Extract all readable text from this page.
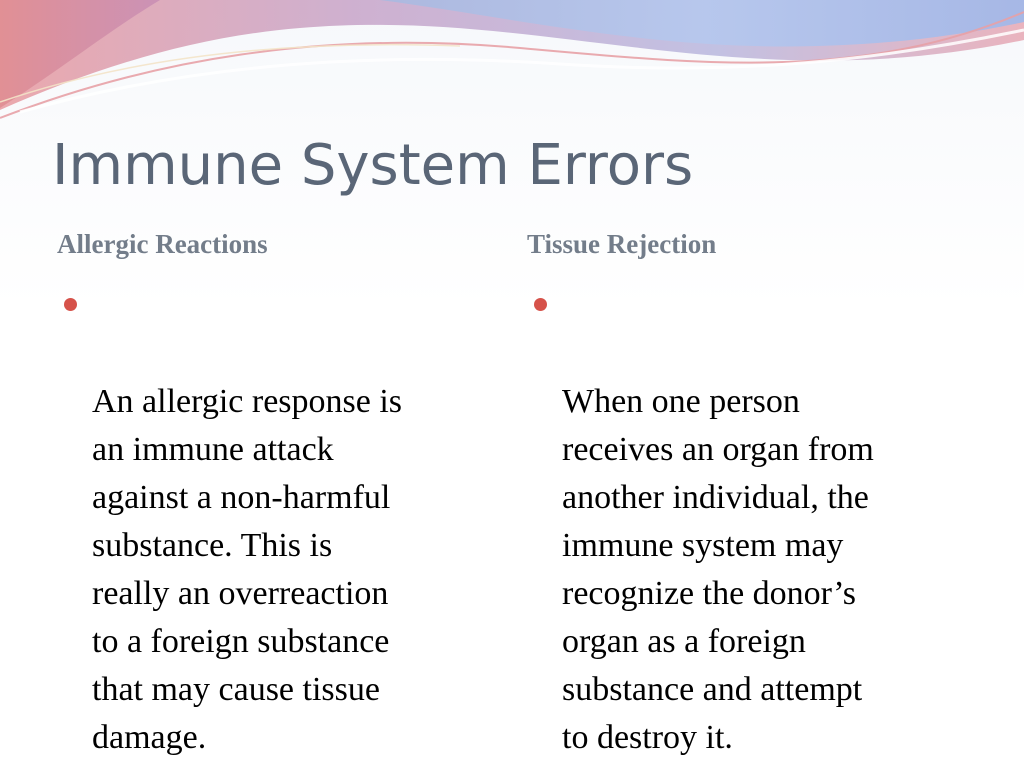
Immune System Errors
Allergic Reactions	Tissue Rejection

An allergic response is
an immune attack
against a non-harmful
substance. This is
really an overreaction
to a foreign substance
that may cause tissue
damage.

When one person
receives an organ from
another individual, the
immune system may
recognize the donor’s
organ as a foreign
substance and attempt
to destroy it.
